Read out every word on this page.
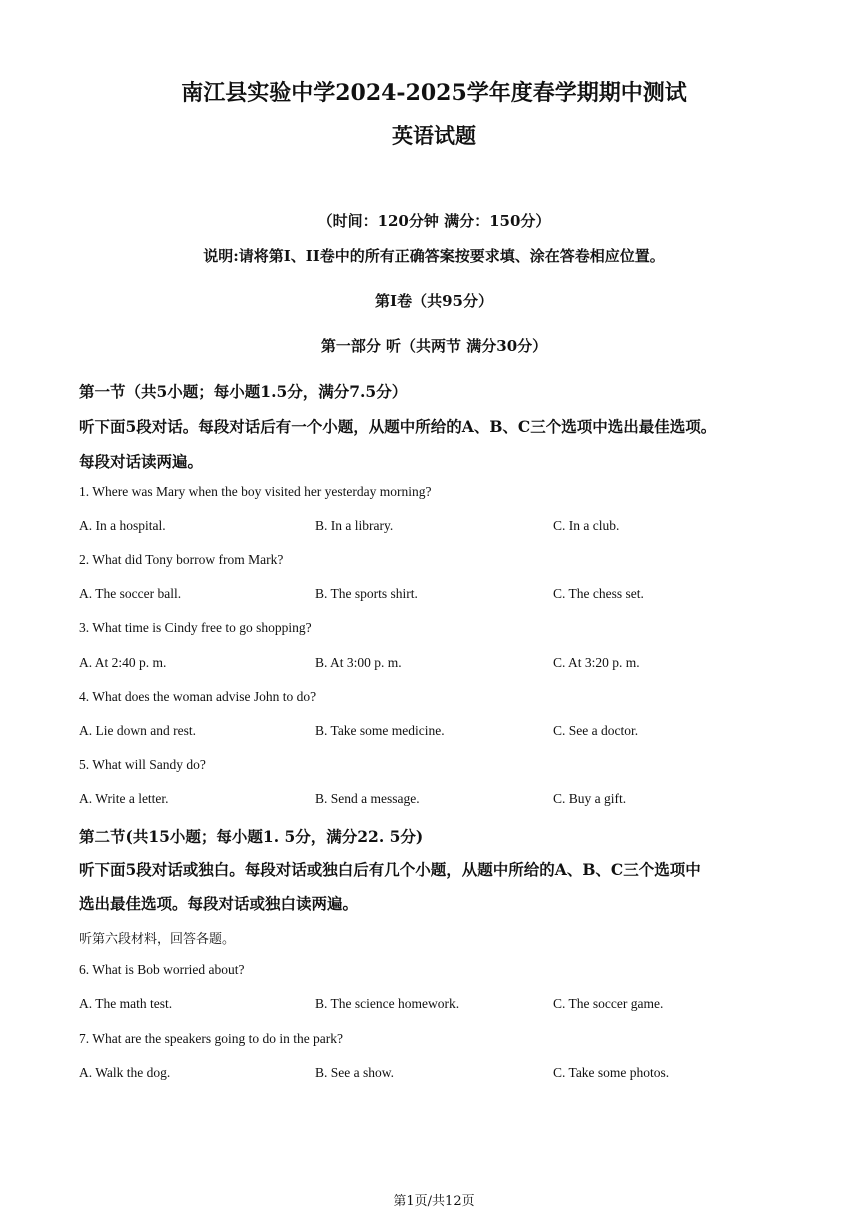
南江县实验中学2024-2025学年度春学期期中测试
英语试题
（时间：120分钟 满分：150分）
说明:请将第I、II卷中的所有正确答案按要求填、涂在答卷相应位置。
第I卷（共95分）
第一部分 听（共两节 满分30分）
第一节（共5小题；每小题1.5分，满分7.5分）
听下面5段对话。每段对话后有一个小题，从题中所给的A、B、C三个选项中选出最佳选项。
每段对话读两遍。
1. Where was Mary when the boy visited her yesterday morning?
A. In a hospital.	B. In a library.	C. In a club.
2. What did Tony borrow from Mark?
A. The soccer ball.	B. The sports shirt.	C. The chess set.
3. What time is Cindy free to go shopping?
A. At 2:40 p. m.	B. At 3:00 p. m.	C. At 3:20 p. m.
4. What does the woman advise John to do?
A. Lie down and rest.	B. Take some medicine.	C. See a doctor.
5. What will Sandy do?
A. Write a letter.	B. Send a message.	C. Buy a gift.
第二节(共15小题；每小题1. 5分，满分22. 5分)
听下面5段对话或独白。每段对话或独白后有几个小题，从题中所给的A、B、C三个选项中
选出最佳选项。每段对话或独白读两遍。
听第六段材料，回答各题。
6. What is Bob worried about?
A. The math test.	B. The science homework.	C. The soccer game.
7. What are the speakers going to do in the park?
A. Walk the dog.	B. See a show.	C. Take some photos.
第1页/共12页
